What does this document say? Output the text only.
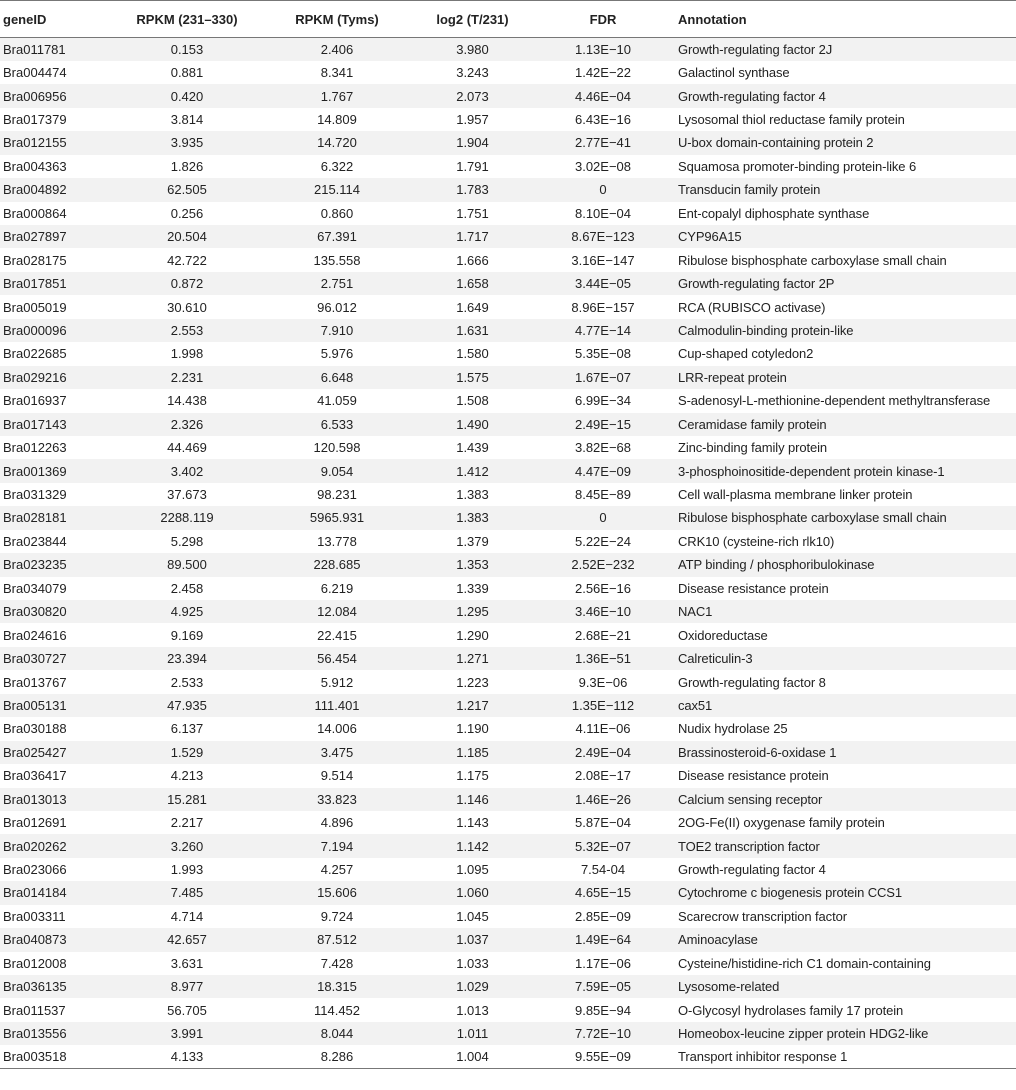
geneID	RPKM (231–330)	RPKM (Tyms)	log2 (T/231)	FDR	Annotation
Bra011781	0.153	2.406	3.980	1.13E−10	Growth-regulating factor 2J
Bra004474	0.881	8.341	3.243	1.42E−22	Galactinol synthase
Bra006956	0.420	1.767	2.073	4.46E−04	Growth-regulating factor 4
Bra017379	3.814	14.809	1.957	6.43E−16	Lysosomal thiol reductase family protein
Bra012155	3.935	14.720	1.904	2.77E−41	U-box domain-containing protein 2
Bra004363	1.826	6.322	1.791	3.02E−08	Squamosa promoter-binding protein-like 6
Bra004892	62.505	215.114	1.783	0	Transducin family protein
Bra000864	0.256	0.860	1.751	8.10E−04	Ent-copalyl diphosphate synthase
Bra027897	20.504	67.391	1.717	8.67E−123	CYP96A15
Bra028175	42.722	135.558	1.666	3.16E−147	Ribulose bisphosphate carboxylase small chain
Bra017851	0.872	2.751	1.658	3.44E−05	Growth-regulating factor 2P
Bra005019	30.610	96.012	1.649	8.96E−157	RCA (RUBISCO activase)
Bra000096	2.553	7.910	1.631	4.77E−14	Calmodulin-binding protein-like
Bra022685	1.998	5.976	1.580	5.35E−08	Cup-shaped cotyledon2
Bra029216	2.231	6.648	1.575	1.67E−07	LRR-repeat protein
Bra016937	14.438	41.059	1.508	6.99E−34	S-adenosyl-L-methionine-dependent methyltransferase
Bra017143	2.326	6.533	1.490	2.49E−15	Ceramidase family protein
Bra012263	44.469	120.598	1.439	3.82E−68	Zinc-binding family protein
Bra001369	3.402	9.054	1.412	4.47E−09	3-phosphoinositide-dependent protein kinase-1
Bra031329	37.673	98.231	1.383	8.45E−89	Cell wall-plasma membrane linker protein
Bra028181	2288.119	5965.931	1.383	0	Ribulose bisphosphate carboxylase small chain
Bra023844	5.298	13.778	1.379	5.22E−24	CRK10 (cysteine-rich rlk10)
Bra023235	89.500	228.685	1.353	2.52E−232	ATP binding / phosphoribulokinase
Bra034079	2.458	6.219	1.339	2.56E−16	Disease resistance protein
Bra030820	4.925	12.084	1.295	3.46E−10	NAC1
Bra024616	9.169	22.415	1.290	2.68E−21	Oxidoreductase
Bra030727	23.394	56.454	1.271	1.36E−51	Calreticulin-3
Bra013767	2.533	5.912	1.223	9.3E−06	Growth-regulating factor 8
Bra005131	47.935	111.401	1.217	1.35E−112	cax51
Bra030188	6.137	14.006	1.190	4.11E−06	Nudix hydrolase 25
Bra025427	1.529	3.475	1.185	2.49E−04	Brassinosteroid-6-oxidase 1
Bra036417	4.213	9.514	1.175	2.08E−17	Disease resistance protein
Bra013013	15.281	33.823	1.146	1.46E−26	Calcium sensing receptor
Bra012691	2.217	4.896	1.143	5.87E−04	2OG-Fe(II) oxygenase family protein
Bra020262	3.260	7.194	1.142	5.32E−07	TOE2 transcription factor
Bra023066	1.993	4.257	1.095	7.54-04	Growth-regulating factor 4
Bra014184	7.485	15.606	1.060	4.65E−15	Cytochrome c biogenesis protein CCS1
Bra003311	4.714	9.724	1.045	2.85E−09	Scarecrow transcription factor
Bra040873	42.657	87.512	1.037	1.49E−64	Aminoacylase
Bra012008	3.631	7.428	1.033	1.17E−06	Cysteine/histidine-rich C1 domain-containing
Bra036135	8.977	18.315	1.029	7.59E−05	Lysosome-related
Bra011537	56.705	114.452	1.013	9.85E−94	O-Glycosyl hydrolases family 17 protein
Bra013556	3.991	8.044	1.011	7.72E−10	Homeobox-leucine zipper protein HDG2-like
Bra003518	4.133	8.286	1.004	9.55E−09	Transport inhibitor response 1
